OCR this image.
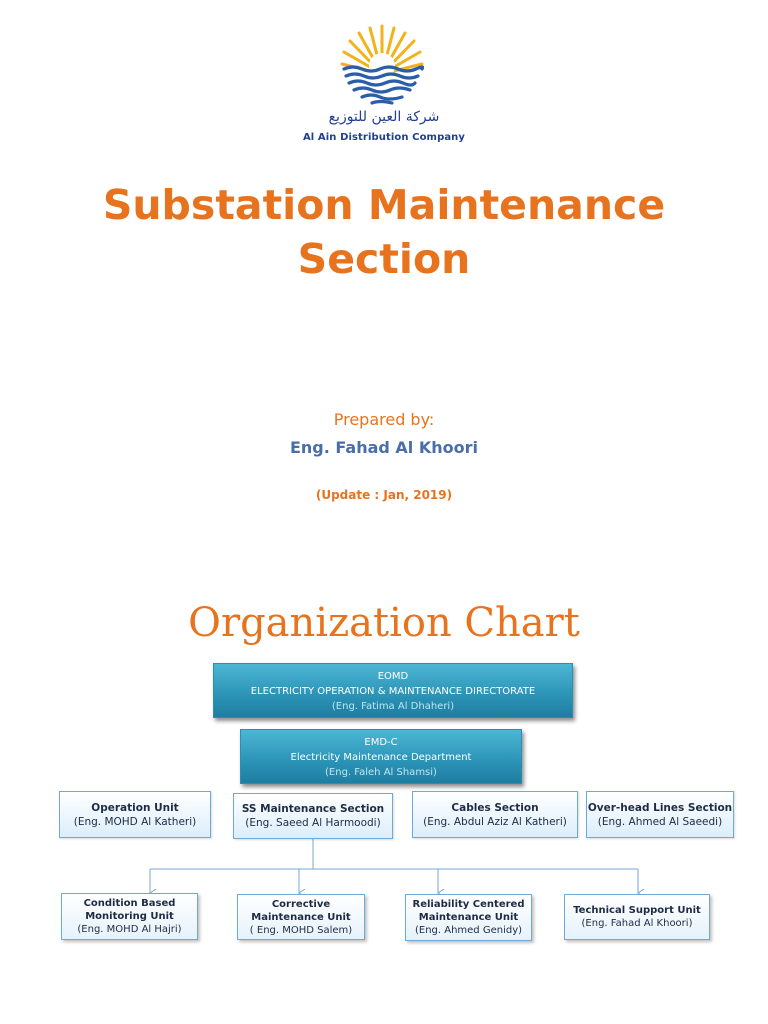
شركة العين للتوزيع
Al Ain Distribution Company
Substation Maintenance
Section
Prepared by:
Eng. Fahad Al Khoori
(Update : Jan, 2019)
Organization Chart
EOMD
ELECTRICITY OPERATION & MAINTENANCE DIRECTORATE
(Eng. Fatima Al Dhaheri)
EMD-C
Electricity Maintenance Department
(Eng. Faleh Al Shamsi)
Operation Unit
(Eng. MOHD Al Katheri)
SS Maintenance Section
(Eng. Saeed Al Harmoodi)
Cables Section
(Eng. Abdul Aziz Al Katheri)
Over-head Lines Section
(Eng. Ahmed Al Saeedi)
Condition Based
Monitoring Unit
(Eng. MOHD Al Hajri)
Corrective
Maintenance Unit
( Eng. MOHD Salem)
Reliability Centered
Maintenance Unit
(Eng. Ahmed Genidy)
Technical Support Unit
(Eng. Fahad Al Khoori)
